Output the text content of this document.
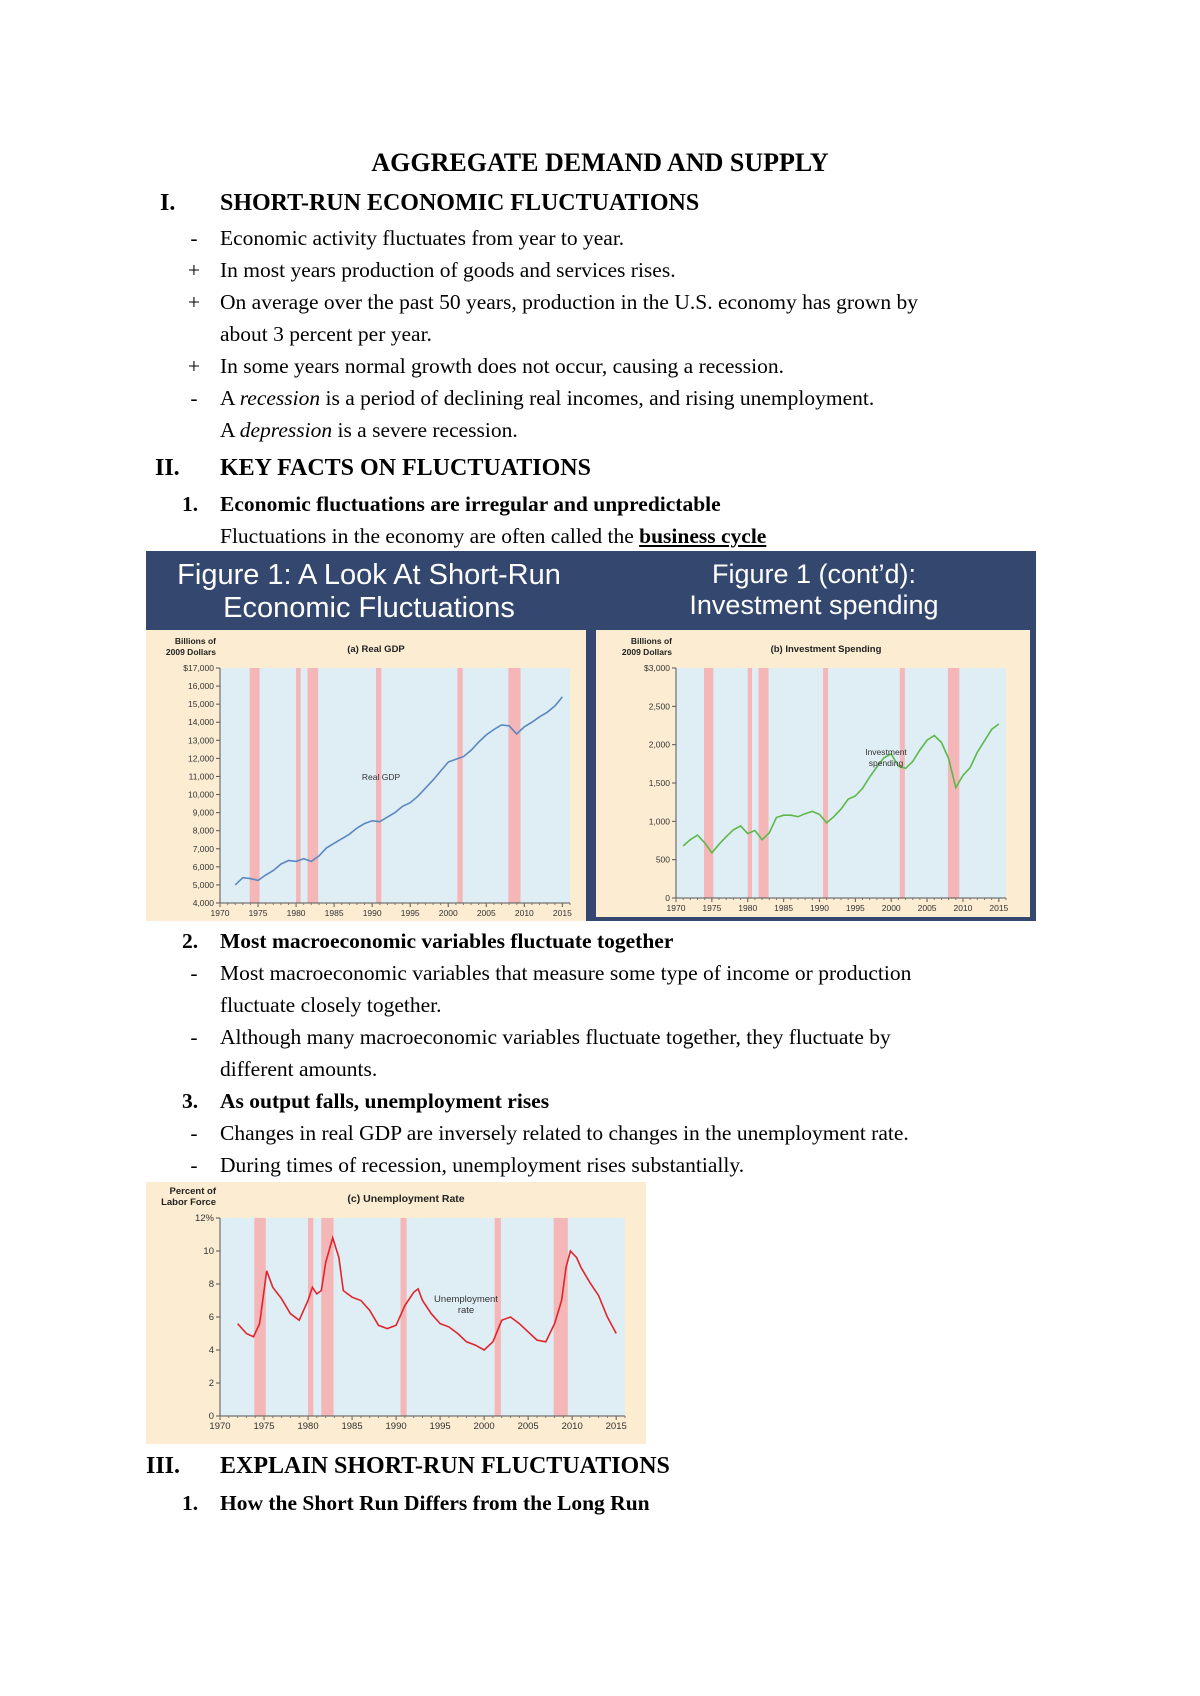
AGGREGATE DEMAND AND SUPPLY
I. SHORT-RUN ECONOMIC FLUCTUATIONS
- Economic activity fluctuates from year to year.
+ In most years production of goods and services rises.
+ On average over the past 50 years, production in the U.S. economy has grown by
about 3 percent per year.
+ In some years normal growth does not occur, causing a recession.
- A recession is a period of declining real incomes, and rising unemployment.
A depression is a severe recession.
II. KEY FACTS ON FLUCTUATIONS
1. Economic fluctuations are irregular and unpredictable
Fluctuations in the economy are often called the business cycle
Figure 1: A Look At Short-Run
Economic Fluctuations
Figure 1 (cont’d):
Investment spending
4,000
5,000
6,000
7,000
8,000
9,000
10,000
11,000
12,000
13,000
14,000
15,000
16,000
$17,000
1970 1975 1980 1985 1990 1995 2000 2005 2010 2015
(a) Real GDP
Billions of
2009 Dollars
Real GDP
0
500
1,000
1,500
2,000
2,500
$3,000
1970 1975 1980 1985 1990 1995 2000 2005 2010 2015
(b) Investment Spending
Billions of
2009 Dollars
Investment
spending
2. Most macroeconomic variables fluctuate together
- Most macroeconomic variables that measure some type of income or production
fluctuate closely together.
- Although many macroeconomic variables fluctuate together, they fluctuate by
different amounts.
3. As output falls, unemployment rises
- Changes in real GDP are inversely related to changes in the unemployment rate.
- During times of recession, unemployment rises substantially.
0
2
4
6
8
10
12%
1970 1975 1980 1985 1990 1995 2000 2005 2010 2015
(c) Unemployment Rate
Percent of
Labor Force
Unemployment
rate
III. EXPLAIN SHORT-RUN FLUCTUATIONS
1. How the Short Run Differs from the Long Run
